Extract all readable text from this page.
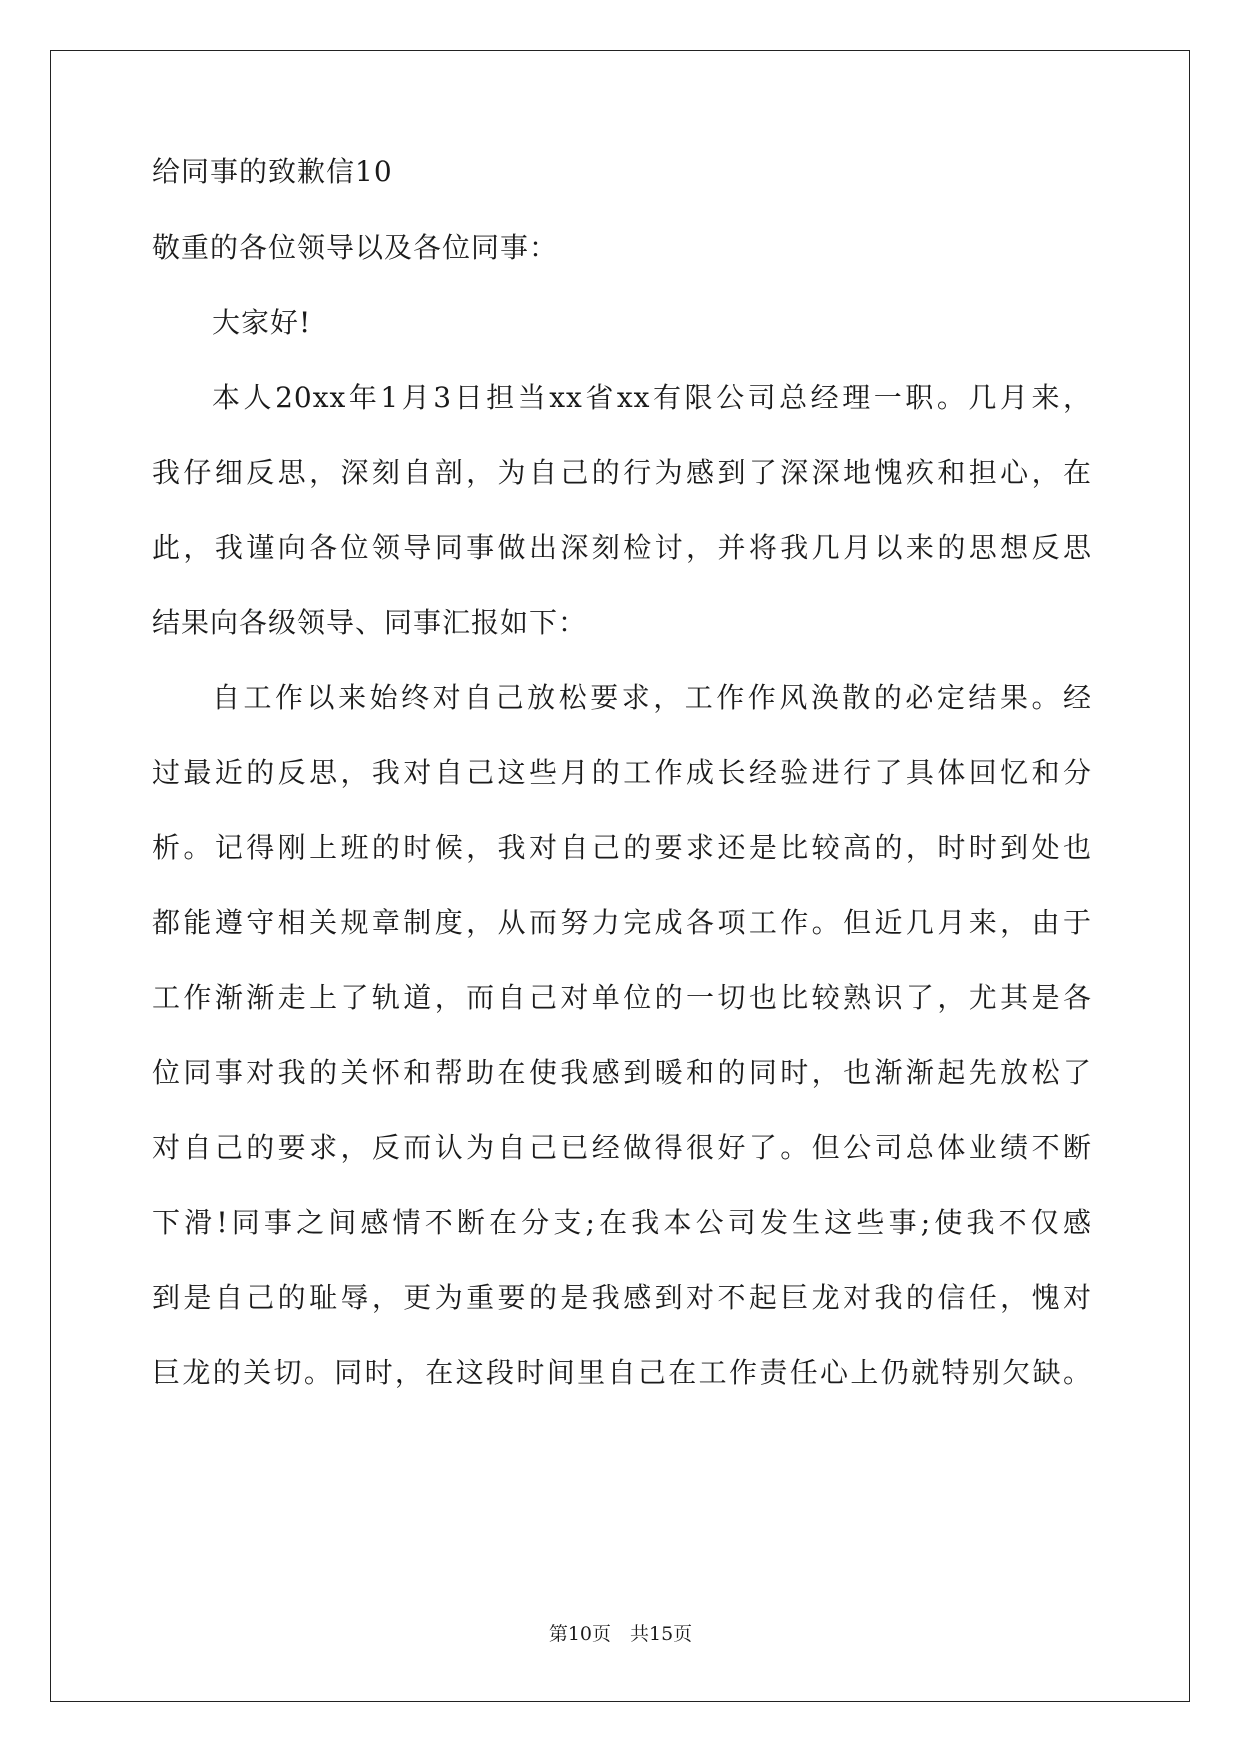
给同事的致歉信10
敬重的各位领导以及各位同事：
大家好!
本人20xx年1月3日担当xx省xx有限公司总经理一职。几月来，
我仔细反思，深刻自剖，为自己的行为感到了深深地愧疚和担心，在
此，我谨向各位领导同事做出深刻检讨，并将我几月以来的思想反思
结果向各级领导、同事汇报如下：
自工作以来始终对自己放松要求，工作作风涣散的必定结果。经
过最近的反思，我对自己这些月的工作成长经验进行了具体回忆和分
析。记得刚上班的时候，我对自己的要求还是比较高的，时时到处也
都能遵守相关规章制度，从而努力完成各项工作。但近几月来，由于
工作渐渐走上了轨道，而自己对单位的一切也比较熟识了，尤其是各
位同事对我的关怀和帮助在使我感到暖和的同时，也渐渐起先放松了
对自己的要求，反而认为自己已经做得很好了。但公司总体业绩不断
下滑!同事之间感情不断在分支;在我本公司发生这些事;使我不仅感
到是自己的耻辱，更为重要的是我感到对不起巨龙对我的信任，愧对
巨龙的关切。同时，在这段时间里自己在工作责任心上仍就特别欠缺。
第10页　共15页
